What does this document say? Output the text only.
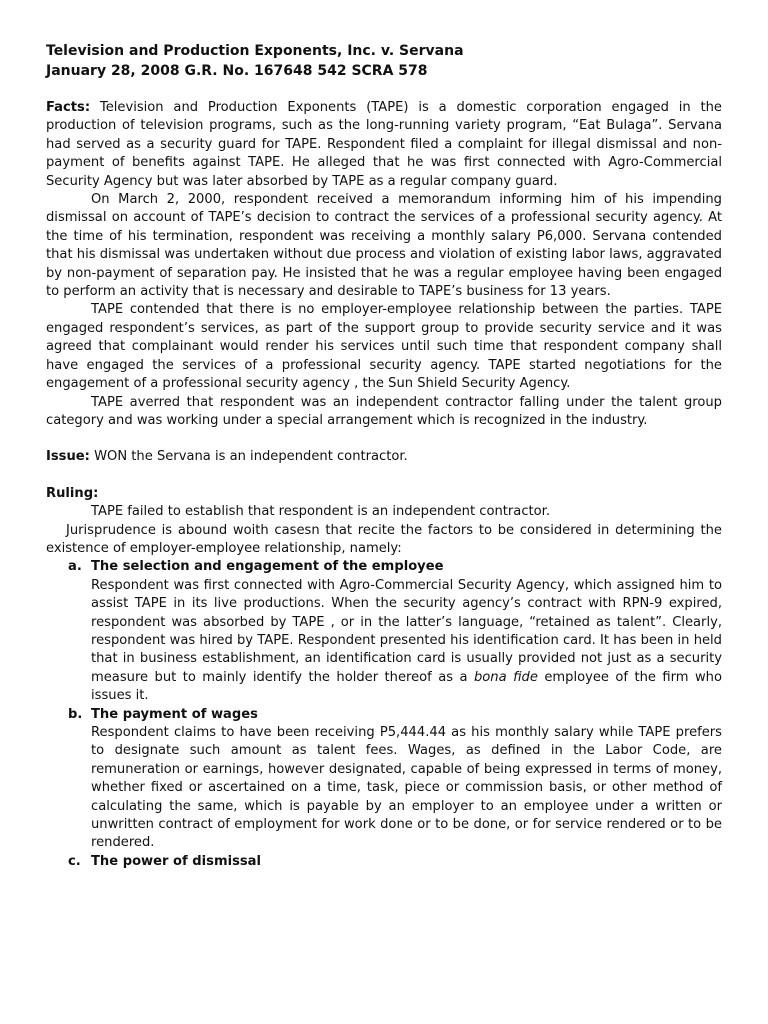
Television and Production Exponents, Inc. v. Servana

January 28, 2008 G.R. No. 167648 542 SCRA 578

Facts: Television and Production Exponents (TAPE) is a domestic corporation engaged in the production of television programs, such as the long-running variety program, “Eat Bulaga”. Servana had served as a security guard for TAPE. Respondent filed a complaint for illegal dismissal and non-payment of benefits against TAPE. He alleged that he was first connected with Agro-Commercial Security Agency but was later absorbed by TAPE as a regular company guard.

On March 2, 2000, respondent received a memorandum informing him of his impending dismissal on account of TAPE’s decision to contract the services of a professional security agency. At the time of his termination, respondent was receiving a monthly salary P6,000. Servana contended that his dismissal was undertaken without due process and violation of existing labor laws, aggravated by non-payment of separation pay. He insisted that he was a regular employee having been engaged to perform an activity that is necessary and desirable to TAPE’s business for 13 years.

TAPE contended that there is no employer-employee relationship between the parties. TAPE engaged respondent’s services, as part of the support group to provide security service and it was agreed that complainant would render his services until such time that respondent company shall have engaged the services of a professional security agency. TAPE started negotiations for the engagement of a professional security agency , the Sun Shield Security Agency.

TAPE averred that respondent was an independent contractor falling under the talent group category and was working under a special arrangement which is recognized in the industry.

Issue: WON the Servana is an independent contractor.

Ruling:

TAPE failed to establish that respondent is an independent contractor.

Jurisprudence is abound woith casesn that recite the factors to be considered in determining the existence of employer-employee relationship, namely:

a. The selection and engagement of the employee
Respondent was first connected with Agro-Commercial Security Agency, which assigned him to assist TAPE in its live productions. When the security agency’s contract with RPN-9 expired, respondent was absorbed by TAPE , or in the latter’s language, “retained as talent”. Clearly, respondent was hired by TAPE. Respondent presented his identification card. It has been in held that in business establishment, an identification card is usually provided not just as a security measure but to mainly identify the holder thereof as a bona fide employee of the firm who issues it.
b. The payment of wages
Respondent claims to have been receiving P5,444.44 as his monthly salary while TAPE prefers to designate such amount as talent fees. Wages, as defined in the Labor Code, are remuneration or earnings, however designated, capable of being expressed in terms of money, whether fixed or ascertained on a time, task, piece or commission basis, or other method of calculating the same, which is payable by an employer to an employee under a written or unwritten contract of employment for work done or to be done, or for service rendered or to be rendered.
c. The power of dismissal
